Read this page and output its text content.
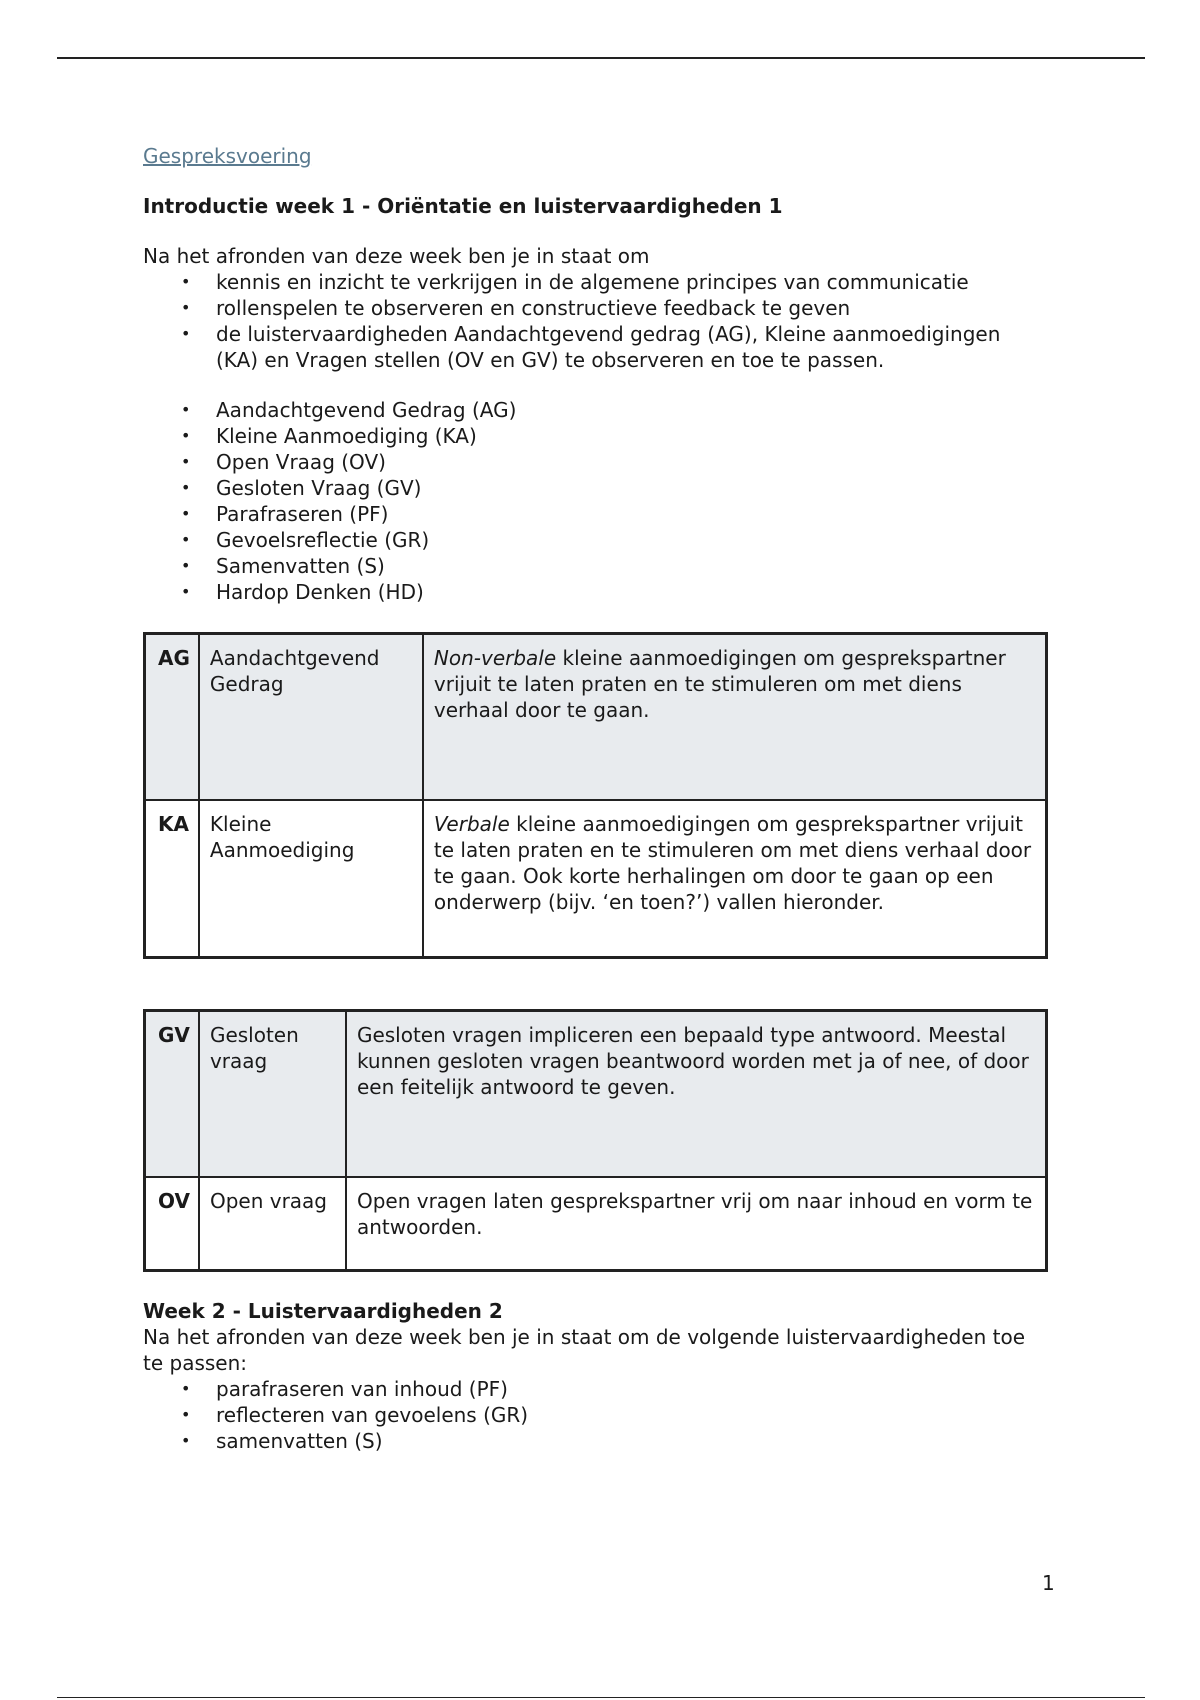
Gespreksvoering
Introductie week 1 - Oriëntatie en luistervaardigheden 1
Na het afronden van deze week ben je in staat om
• kennis en inzicht te verkrijgen in de algemene principes van communicatie
• rollenspelen te observeren en constructieve feedback te geven
• de luistervaardigheden Aandachtgevend gedrag (AG), Kleine aanmoedigingen (KA) en Vragen stellen (OV en GV) te observeren en toe te passen.
• Aandachtgevend Gedrag (AG)
• Kleine Aanmoediging (KA)
• Open Vraag (OV)
• Gesloten Vraag (GV)
• Parafraseren (PF)
• Gevoelsreflectie (GR)
• Samenvatten (S)
• Hardop Denken (HD)
AG	Aandachtgevend Gedrag	Non-verbale kleine aanmoedigingen om gesprekspartner vrijuit te laten praten en te stimuleren om met diens verhaal door te gaan.
KA	Kleine Aanmoediging	Verbale kleine aanmoedigingen om gesprekspartner vrijuit te laten praten en te stimuleren om met diens verhaal door te gaan. Ook korte herhalingen om door te gaan op een onderwerp (bijv. ‘en toen?’) vallen hieronder.
GV	Gesloten vraag	Gesloten vragen impliceren een bepaald type antwoord. Meestal kunnen gesloten vragen beantwoord worden met ja of nee, of door een feitelijk antwoord te geven.
OV	Open vraag	Open vragen laten gesprekspartner vrij om naar inhoud en vorm te antwoorden.
Week 2 - Luistervaardigheden 2
Na het afronden van deze week ben je in staat om de volgende luistervaardigheden toe te passen:
• parafraseren van inhoud (PF)
• reflecteren van gevoelens (GR)
• samenvatten (S)
1
